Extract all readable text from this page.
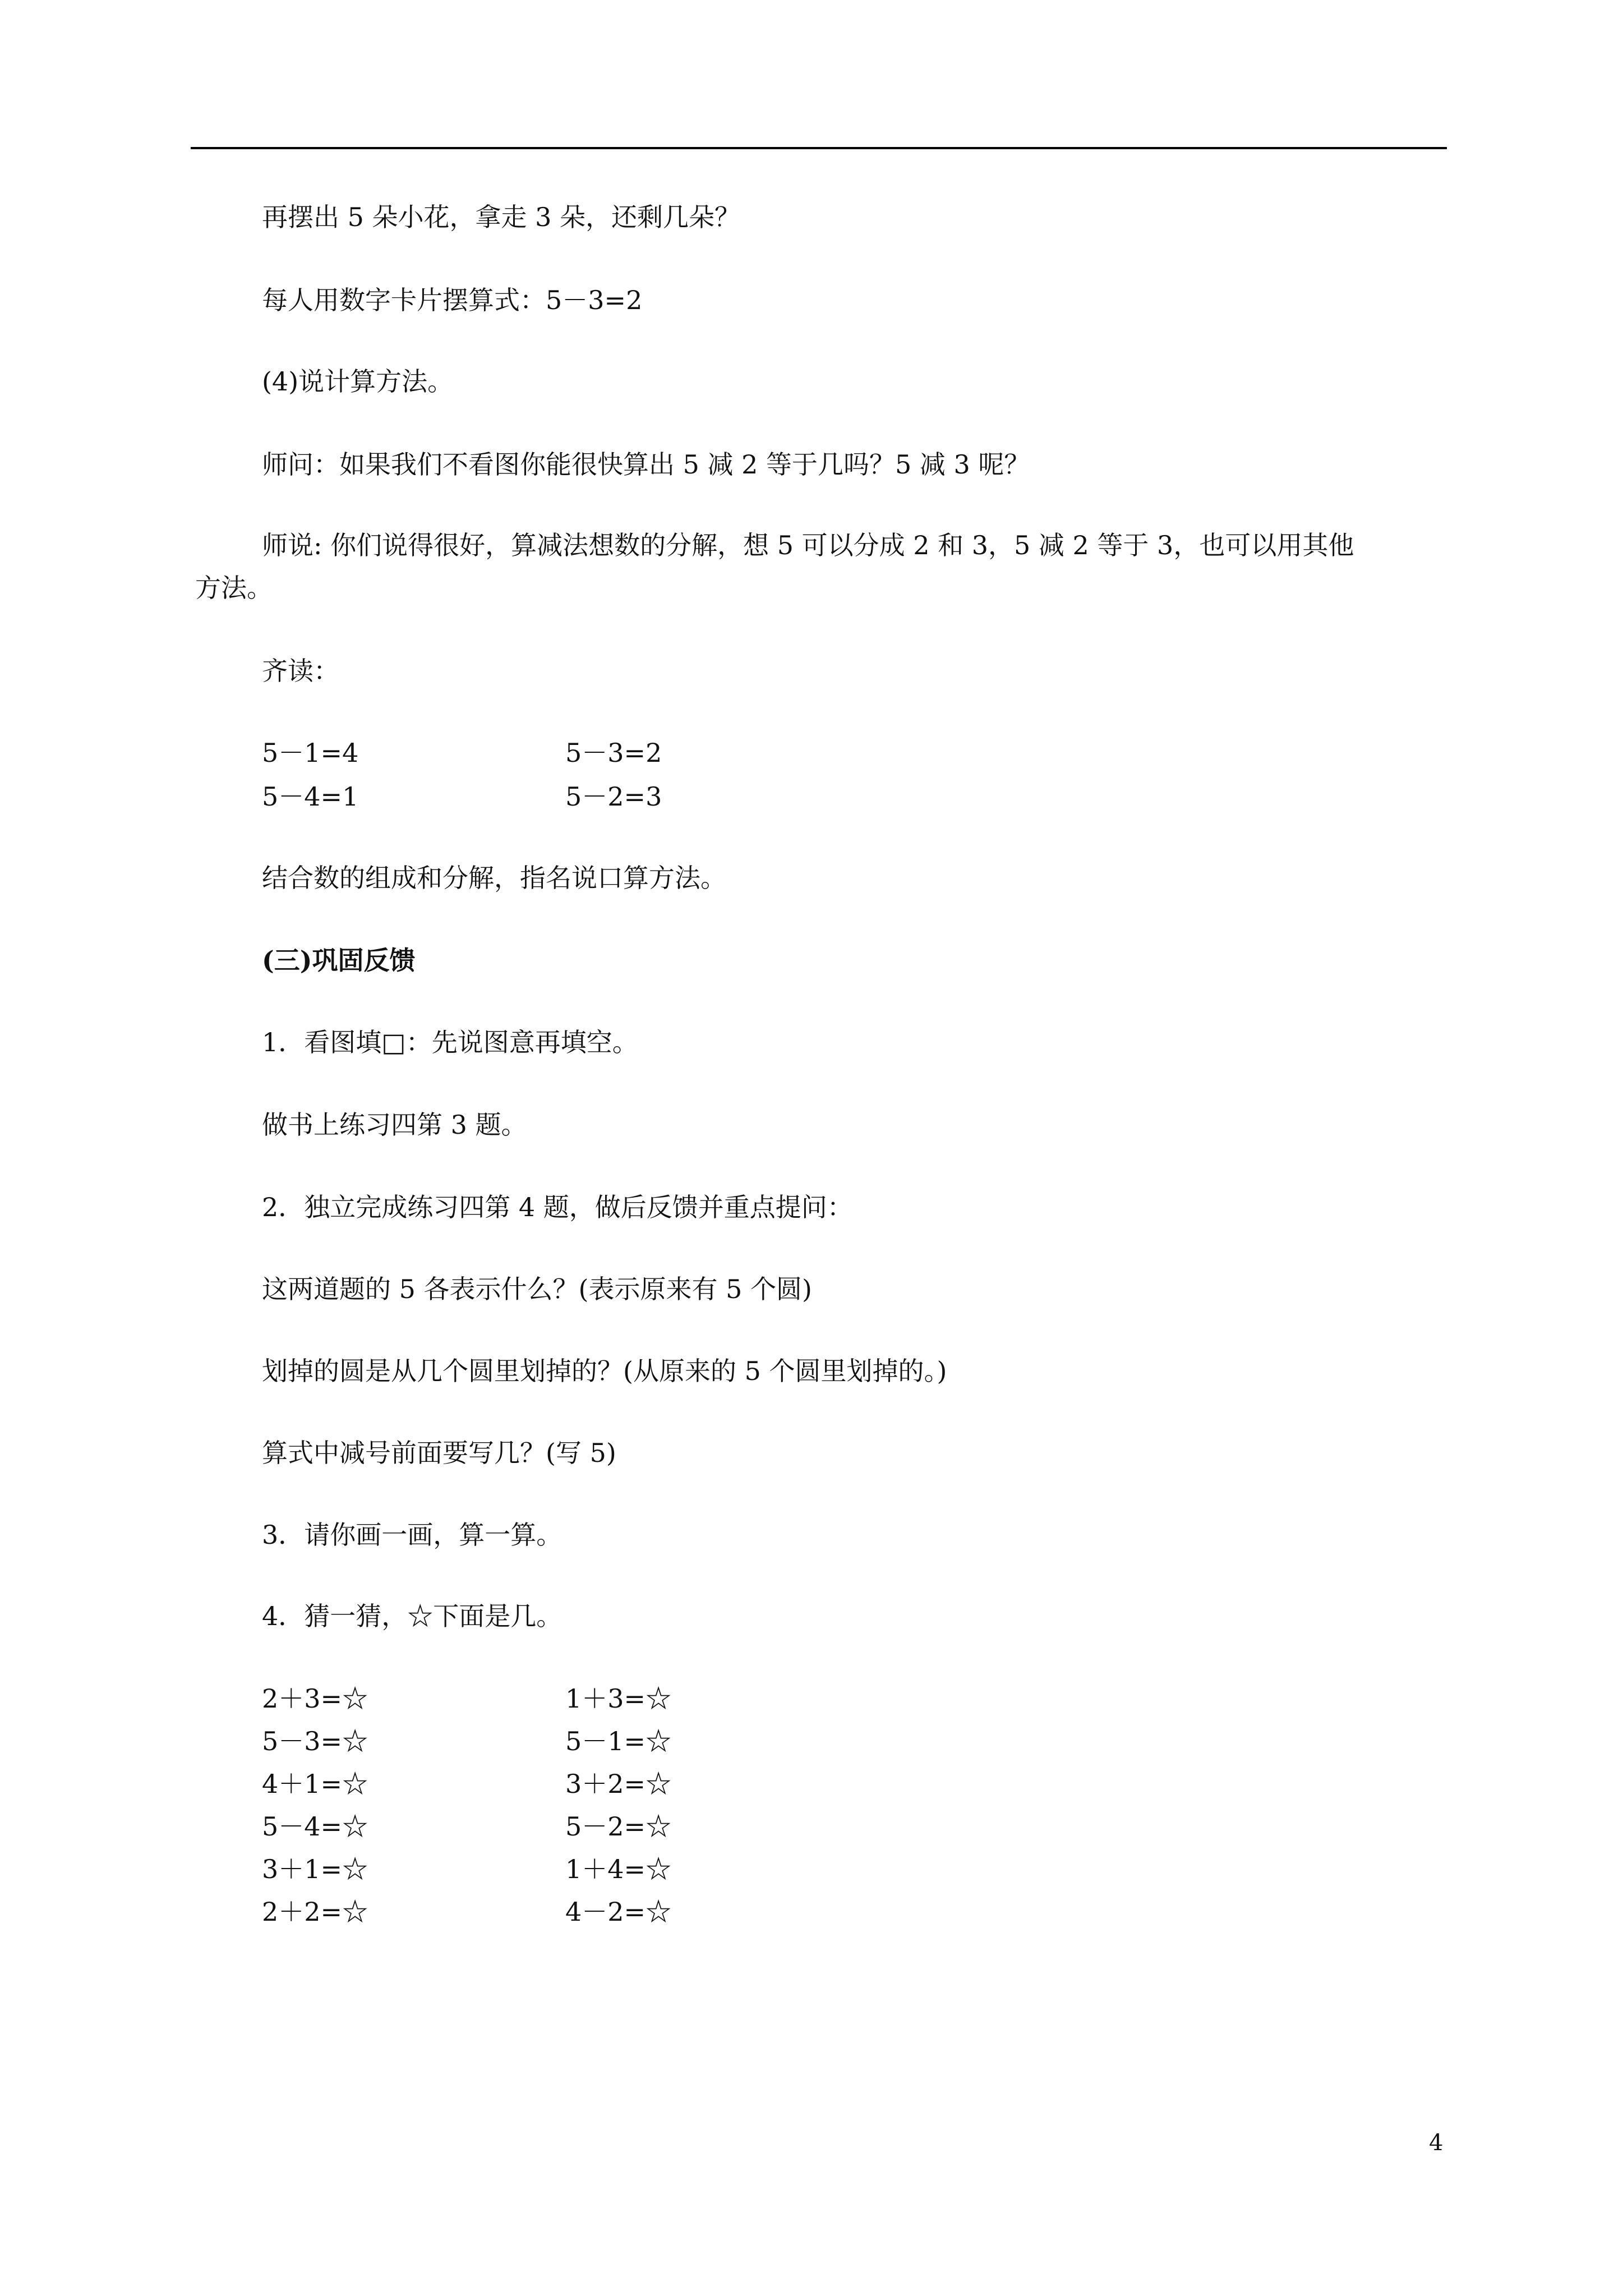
再摆出 5 朵小花，拿走 3 朵，还剩几朵？
每人用数字卡片摆算式：5－3=2
(4)说计算方法。
师问：如果我们不看图你能很快算出 5 减 2 等于几吗？5 减 3 呢？
师说: 你们说得很好，算减法想数的分解，想 5 可以分成 2 和 3，5 减 2 等于 3，也可以用其他
方法。
齐读：
5－1=4	5－3=2
5－4=1	5－2=3
结合数的组成和分解，指名说口算方法。
(三)巩固反馈
1．看图填□：先说图意再填空。
做书上练习四第 3 题。
2．独立完成练习四第 4 题，做后反馈并重点提问：
这两道题的 5 各表示什么？(表示原来有 5 个圆)
划掉的圆是从几个圆里划掉的？(从原来的 5 个圆里划掉的。)
算式中减号前面要写几？(写 5)
3．请你画一画，算一算。
4．猜一猜，☆下面是几。
2＋3=☆	1＋3=☆
5－3=☆	5－1=☆
4＋1=☆	3＋2=☆
5－4=☆	5－2=☆
3＋1=☆	1＋4=☆
2＋2=☆	4－2=☆
4
